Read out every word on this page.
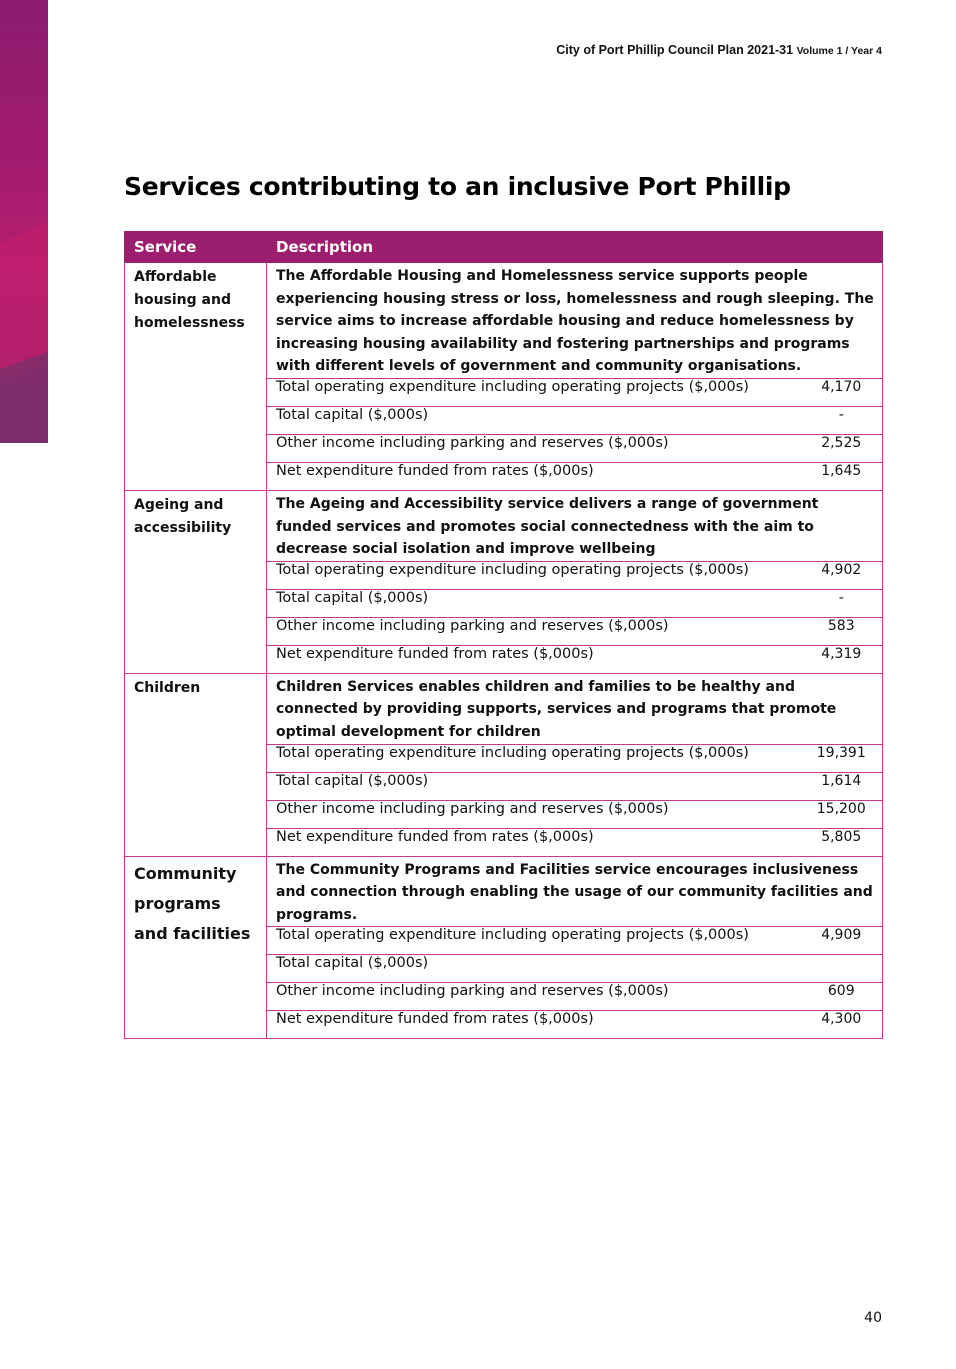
City of Port Phillip Council Plan 2021-31 Volume 1 / Year 4
Services contributing to an inclusive Port Phillip
Service	Description	
Affordable housing and homelessness	The Affordable Housing and Homelessness service supports people experiencing housing stress or loss, homelessness and rough sleeping. The service aims to increase affordable housing and reduce homelessness by increasing housing availability and fostering partnerships and programs with different levels of government and community organisations.	
	Total operating expenditure including operating projects ($,000s)	4,170
	Total capital ($,000s)	-
	Other income including parking and reserves ($,000s)	2,525
	Net expenditure funded from rates ($,000s)	1,645
Ageing and accessibility	The Ageing and Accessibility service delivers a range of government funded services and promotes social connectedness with the aim to decrease social isolation and improve wellbeing	
	Total operating expenditure including operating projects ($,000s)	4,902
	Total capital ($,000s)	-
	Other income including parking and reserves ($,000s)	583
	Net expenditure funded from rates ($,000s)	4,319
Children	Children Services enables children and families to be healthy and connected by providing supports, services and programs that promote optimal development for children	
	Total operating expenditure including operating projects ($,000s)	19,391
	Total capital ($,000s)	1,614
	Other income including parking and reserves ($,000s)	15,200
	Net expenditure funded from rates ($,000s)	5,805
Community programs and facilities	The Community Programs and Facilities service encourages inclusiveness and connection through enabling the usage of our community facilities and programs.	
	Total operating expenditure including operating projects ($,000s)	4,909
	Total capital ($,000s)	
	Other income including parking and reserves ($,000s)	609
	Net expenditure funded from rates ($,000s)	4,300
40
